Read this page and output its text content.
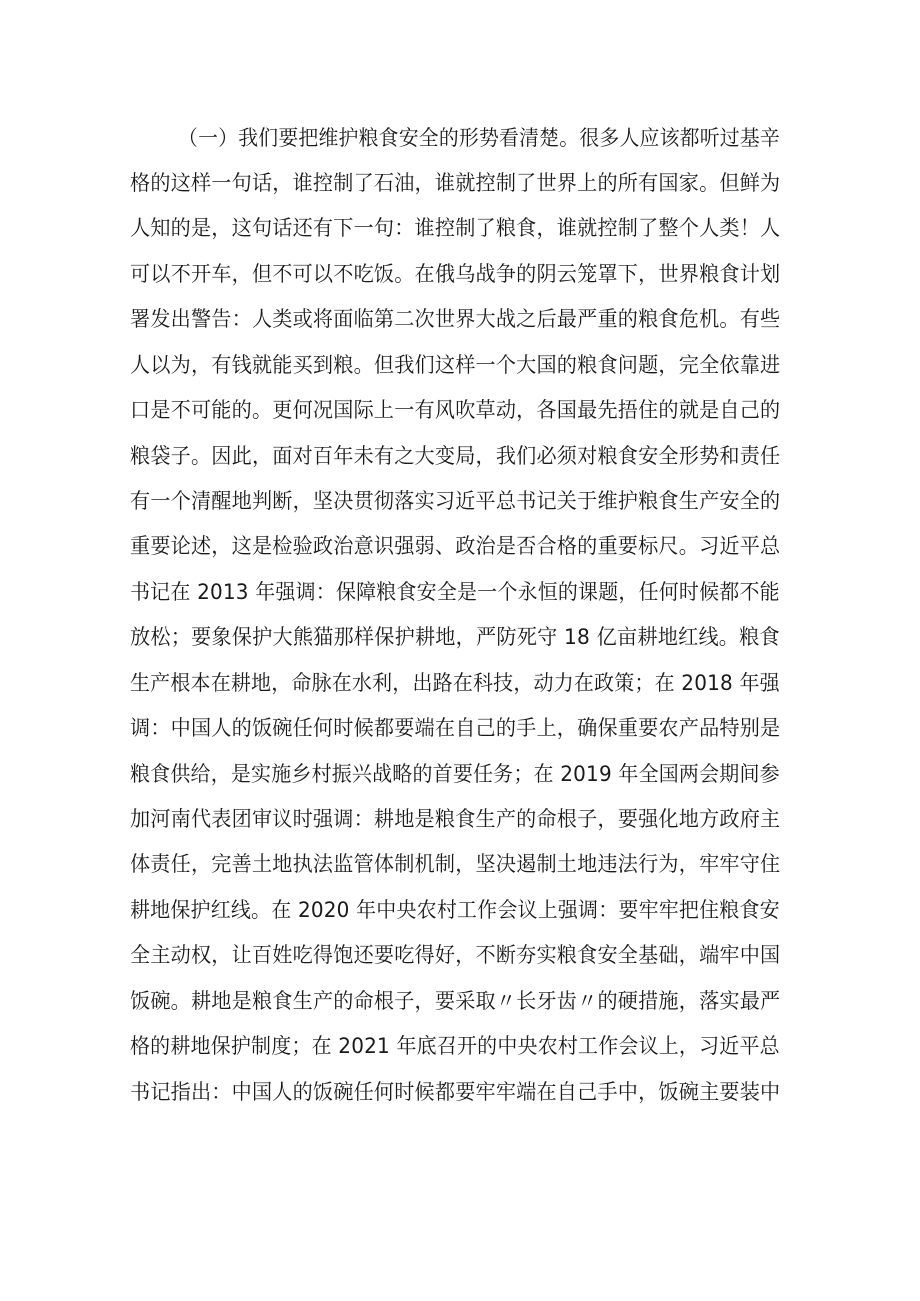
（一）我们要把维护粮食安全的形势看清楚。很多人应该都听过基辛
格的这样一句话，谁控制了石油，谁就控制了世界上的所有国家。但鲜为
人知的是，这句话还有下一句：谁控制了粮食，谁就控制了整个人类！人
可以不开车，但不可以不吃饭。在俄乌战争的阴云笼罩下，世界粮食计划
署发出警告：人类或将面临第二次世界大战之后最严重的粮食危机。有些
人以为，有钱就能买到粮。但我们这样一个大国的粮食问题，完全依靠进
口是不可能的。更何况国际上一有风吹草动，各国最先捂住的就是自己的
粮袋子。因此，面对百年未有之大变局，我们必须对粮食安全形势和责任
有一个清醒地判断，坚决贯彻落实习近平总书记关于维护粮食生产安全的
重要论述，这是检验政治意识强弱、政治是否合格的重要标尺。习近平总
书记在 2013 年强调：保障粮食安全是一个永恒的课题，任何时候都不能
放松；要象保护大熊猫那样保护耕地，严防死守 18 亿亩耕地红线。粮食
生产根本在耕地，命脉在水利，出路在科技，动力在政策；在 2018 年强
调：中国人的饭碗任何时候都要端在自己的手上，确保重要农产品特别是
粮食供给，是实施乡村振兴战略的首要任务；在 2019 年全国两会期间参
加河南代表团审议时强调：耕地是粮食生产的命根子，要强化地方政府主
体责任，完善土地执法监管体制机制，坚决遏制土地违法行为，牢牢守住
耕地保护红线。在 2020 年中央农村工作会议上强调：要牢牢把住粮食安
全主动权，让百姓吃得饱还要吃得好，不断夯实粮食安全基础，端牢中国
饭碗。耕地是粮食生产的命根子，要采取〃长牙齿〃的硬措施，落实最严
格的耕地保护制度；在 2021 年底召开的中央农村工作会议上，习近平总
书记指出：中国人的饭碗任何时候都要牢牢端在自己手中，饭碗主要装中
